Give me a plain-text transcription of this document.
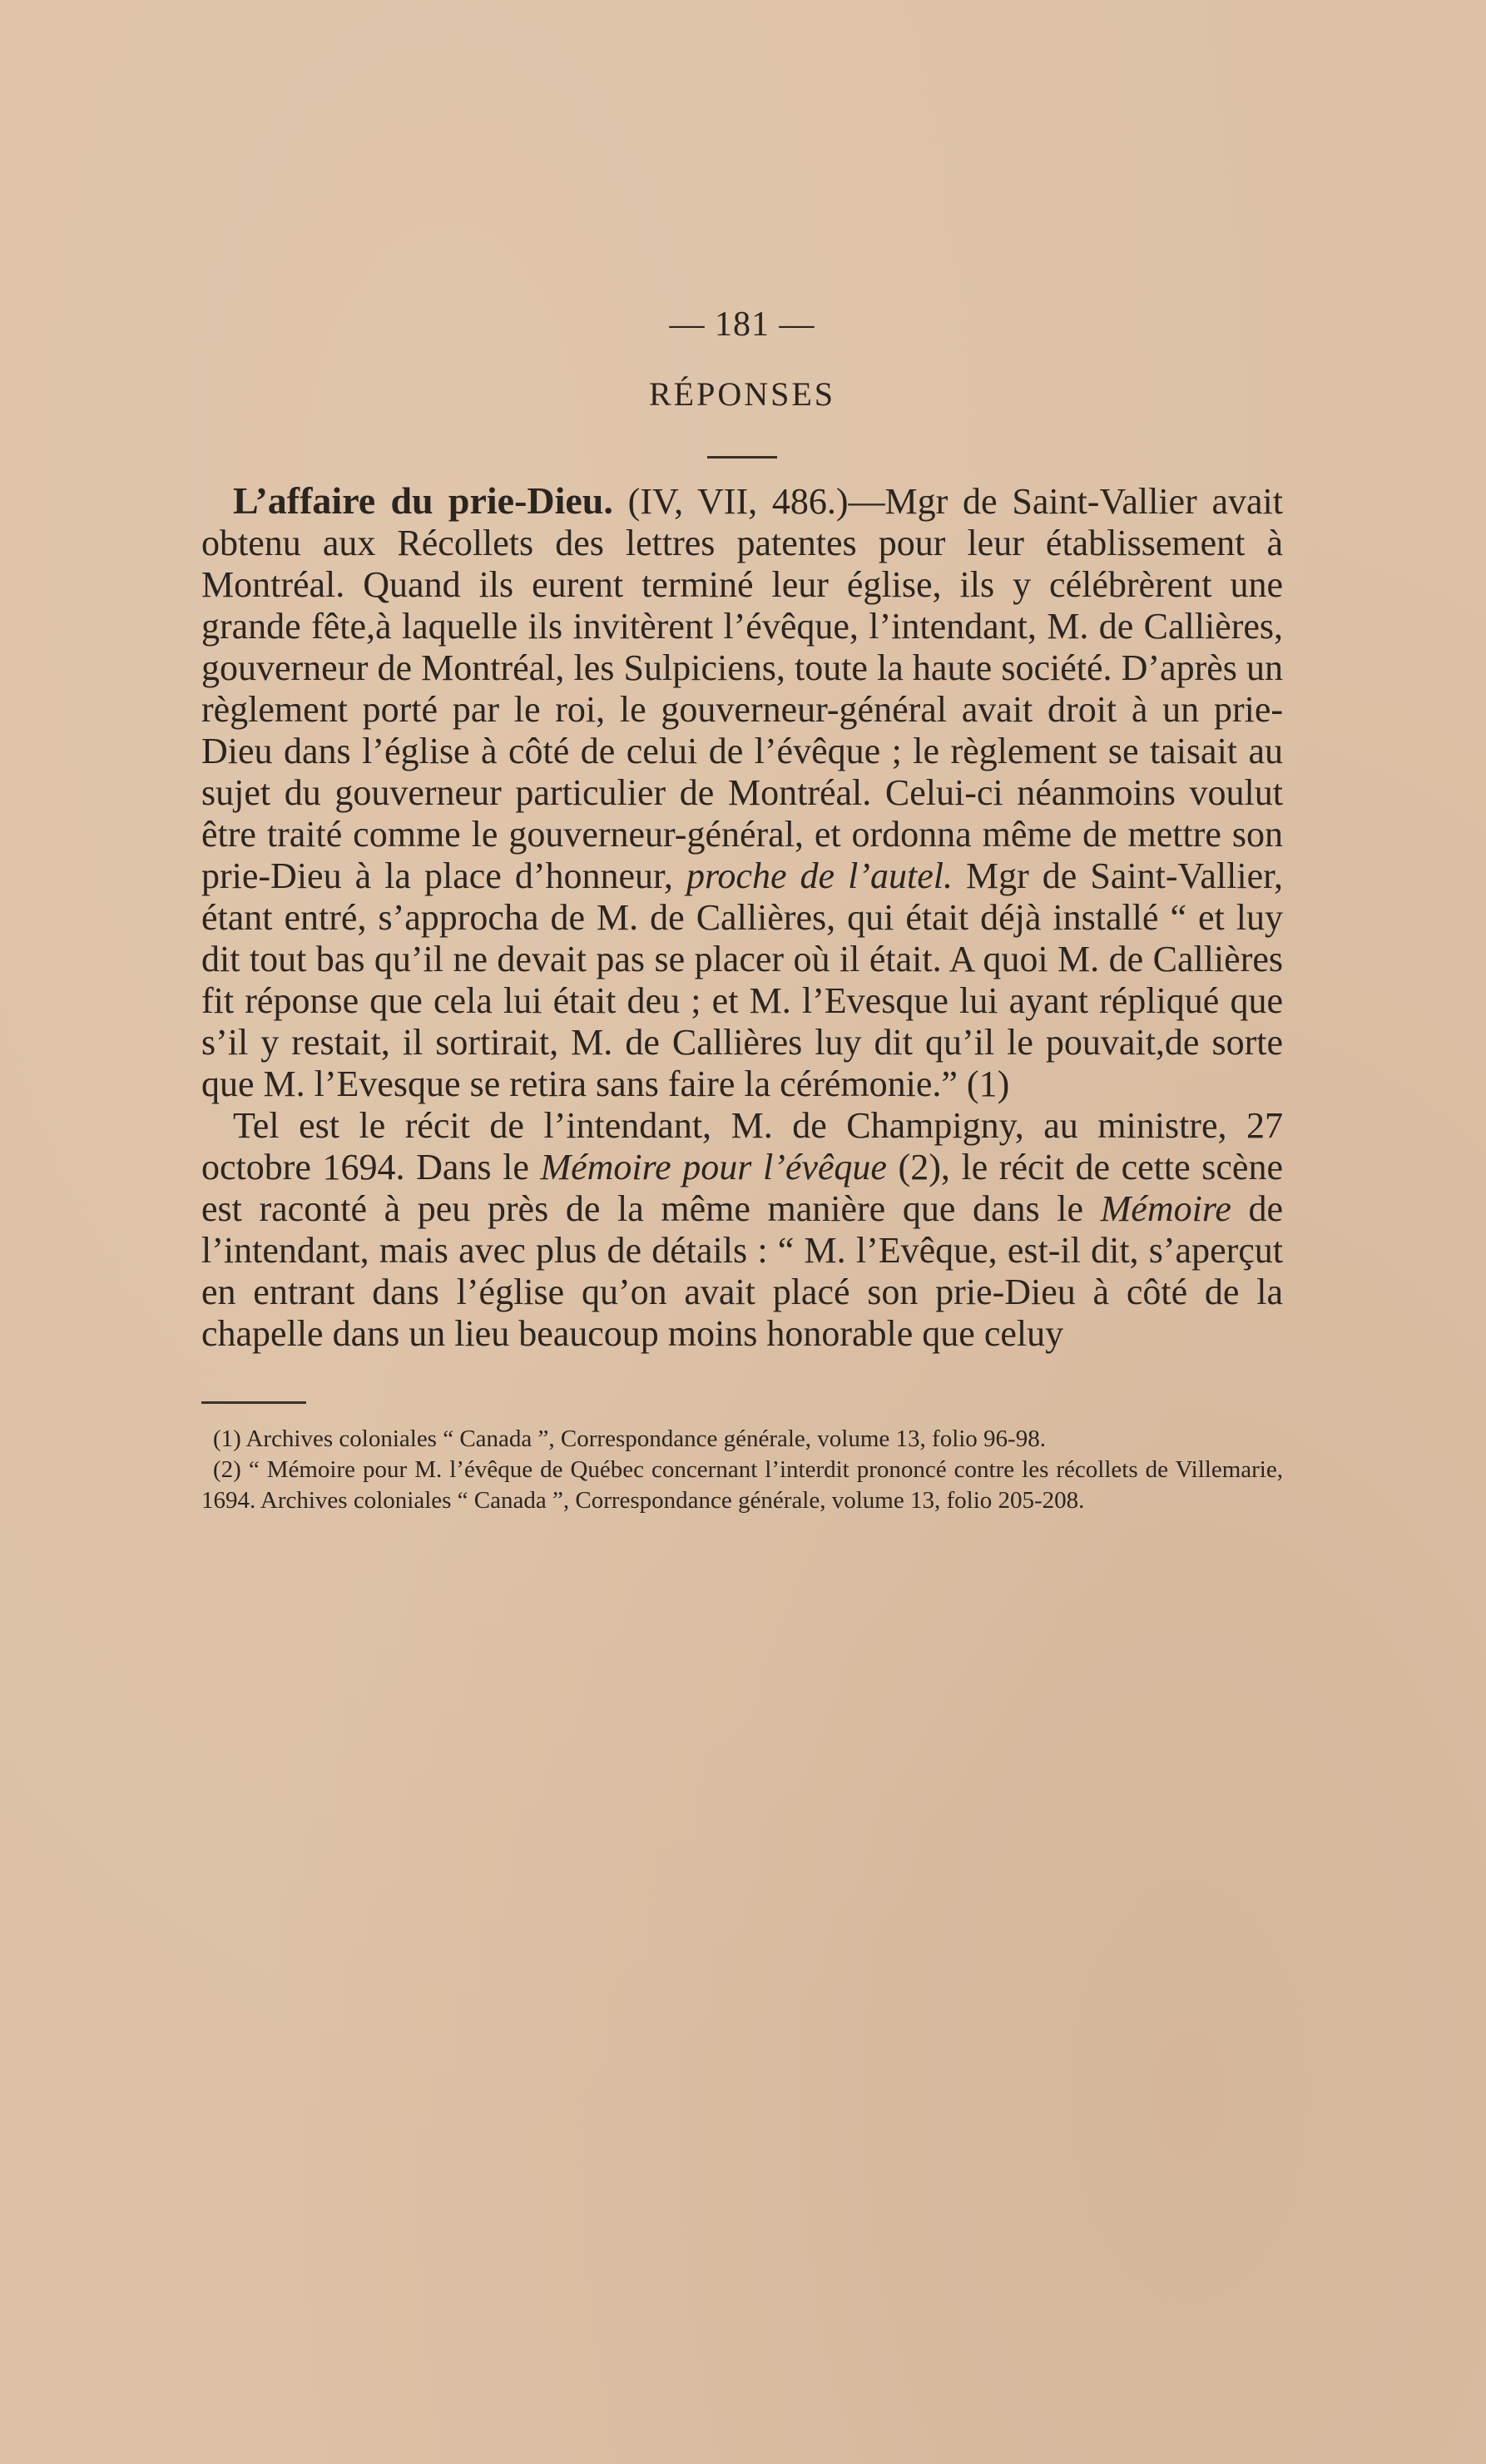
— 181 —
RÉPONSES

L’affaire du prie-Dieu. (IV, VII, 486.)—Mgr de Saint-Vallier avait obtenu aux Récollets des lettres patentes pour leur établissement à Montréal. Quand ils eurent terminé leur église, ils y célébrèrent une grande fête,à laquelle ils invitèrent l’évêque, l’intendant, M. de Callières, gouverneur de Montréal, les Sulpiciens, toute la haute société. D’après un règlement porté par le roi, le gouverneur-général avait droit à un prie-Dieu dans l’église à côté de celui de l’évêque ; le règlement se taisait au sujet du gouverneur particulier de Montréal. Celui-ci néanmoins voulut être traité comme le gouverneur-général, et ordonna même de mettre son prie-Dieu à la place d’honneur, proche de l’autel. Mgr de Saint-Vallier, étant entré, s’approcha de M. de Callières, qui était déjà installé “ et luy dit tout bas qu’il ne devait pas se placer où il était. A quoi M. de Callières fit réponse que cela lui était deu ; et M. l’Evesque lui ayant répliqué que s’il y restait, il sortirait, M. de Callières luy dit qu’il le pouvait,de sorte que M. l’Evesque se retira sans faire la cérémonie.” (1)

Tel est le récit de l’intendant, M. de Champigny, au ministre, 27 octobre 1694. Dans le Mémoire pour l’évêque (2), le récit de cette scène est raconté à peu près de la même manière que dans le Mémoire de l’intendant, mais avec plus de détails : “ M. l’Evêque, est-il dit, s’aperçut en entrant dans l’église qu’on avait placé son prie-Dieu à côté de la chapelle dans un lieu beaucoup moins honorable que celuy

(1) Archives coloniales “ Canada ”, Correspondance générale, volume 13, folio 96-98.

(2) “ Mémoire pour M. l’évêque de Québec concernant l’interdit prononcé contre les récollets de Villemarie, 1694. Archives coloniales “ Canada ”, Correspondance générale, volume 13, folio 205-208.
